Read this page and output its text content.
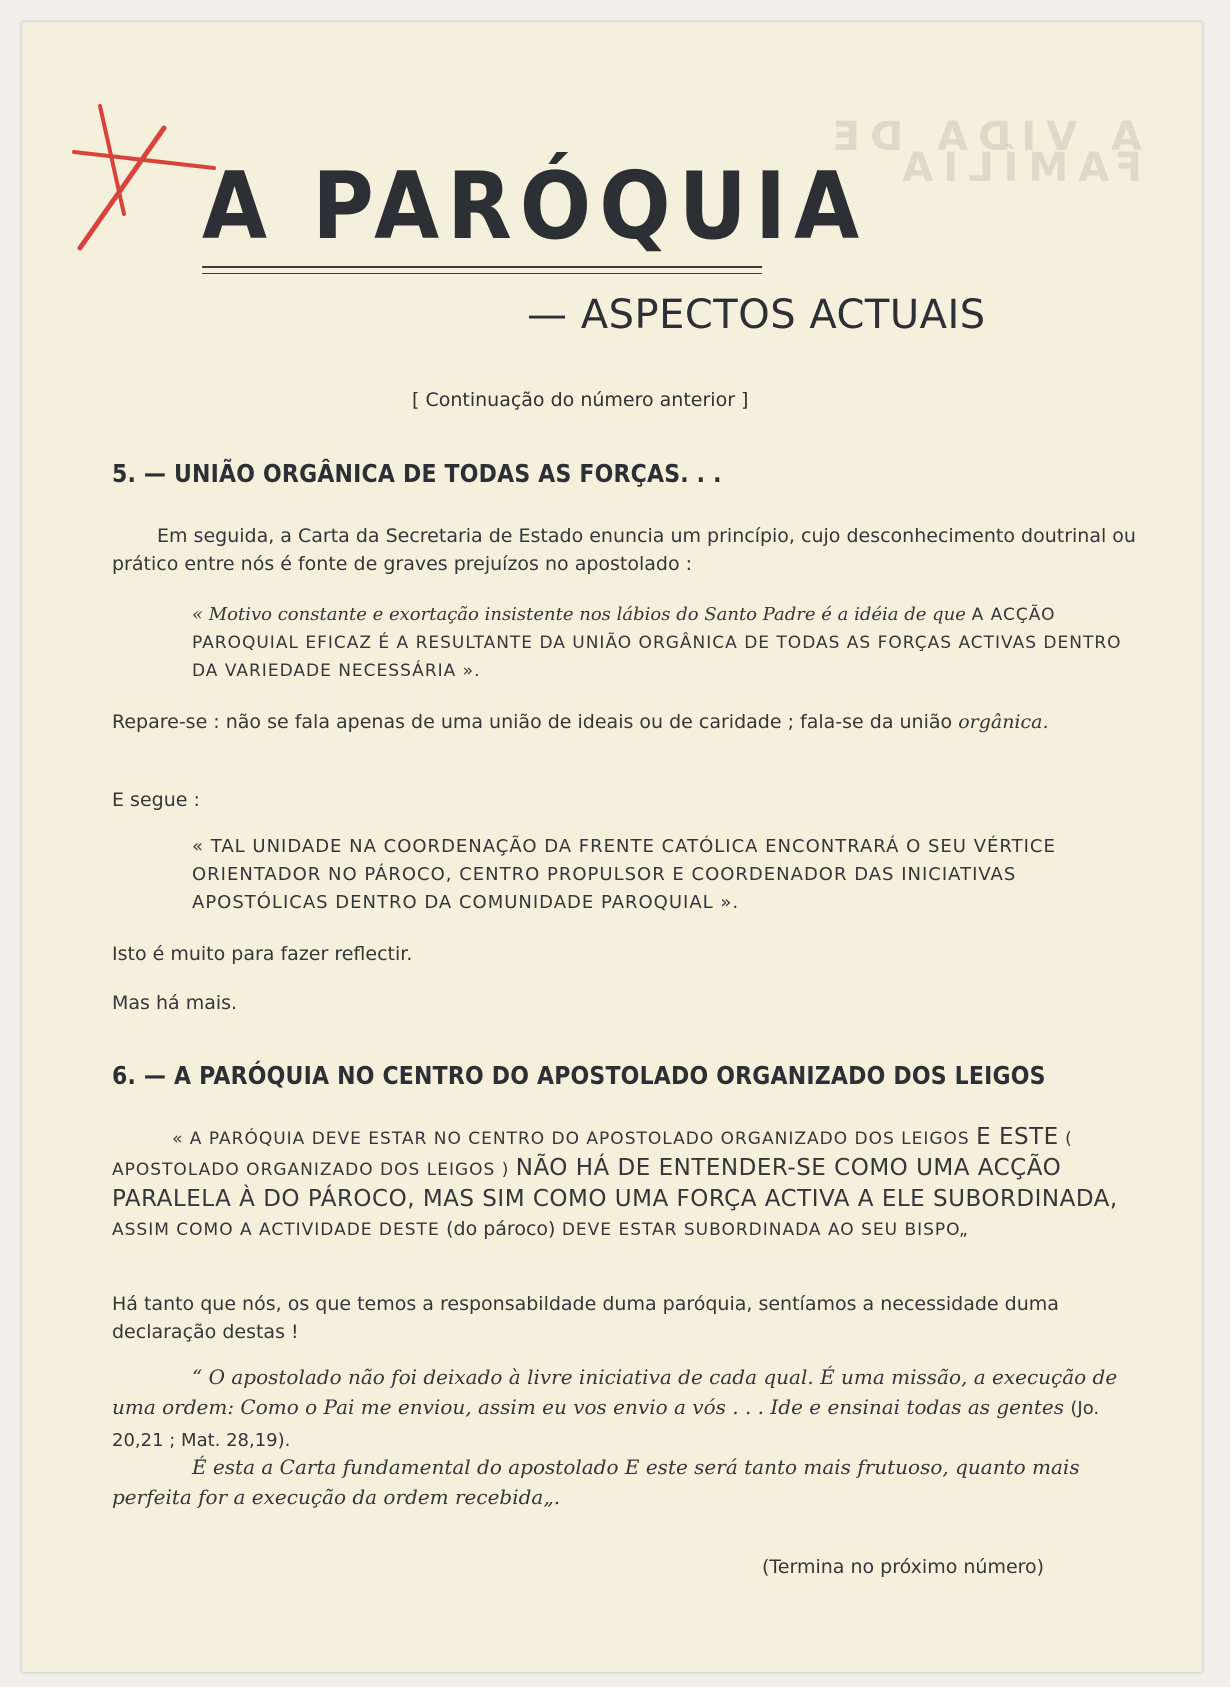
A VIDA DE FAMÍLIA
A PARÓQUIA
— ASPECTOS ACTUAIS
[ Continuação do número anterior ]
5. — UNIÃO ORGÂNICA DE TODAS AS FORÇAS. . .
Em seguida, a Carta da Secretaria de Estado enuncia um princípio, cujo desconhecimento doutrinal ou prático entre nós é fonte de graves prejuízos no apostolado :
« Motivo constante e exortação insistente nos lábios do Santo Padre é a idéia de que A ACÇÃO PAROQUIAL EFICAZ É A RESULTANTE DA UNIÃO ORGÂNICA DE TODAS AS FORÇAS ACTIVAS DENTRO DA VARIEDADE NECESSÁRIA ».
Repare-se : não se fala apenas de uma união de ideais ou de caridade ; fala-se da união orgânica.
E segue :
« TAL UNIDADE NA COORDENAÇÃO DA FRENTE CATÓLICA ENCONTRARÁ O SEU VÉRTICE ORIENTADOR NO PÁROCO, CENTRO PROPULSOR E COORDENADOR DAS INICIATIVAS APOSTÓLICAS DENTRO DA COMUNIDADE PAROQUIAL ».
Isto é muito para fazer reflectir.
Mas há mais.
6. — A PARÓQUIA NO CENTRO DO APOSTOLADO ORGANIZADO DOS LEIGOS
« A PARÓQUIA DEVE ESTAR NO CENTRO DO APOSTOLADO ORGANIZADO DOS LEIGOS E ESTE ( APOSTOLADO ORGANIZADO DOS LEIGOS ) NÃO HÁ DE ENTENDER-SE COMO UMA ACÇÃO PARALELA À DO PÁROCO, MAS SIM COMO UMA FORÇA ACTIVA A ELE SUBORDINADA, ASSIM COMO A ACTIVIDADE DESTE (do pároco) DEVE ESTAR SUBORDINADA AO SEU BISPO„
Há tanto que nós, os que temos a responsabildade duma paróquia, sentíamos a necessidade duma declaração destas !
“ O apostolado não foi deixado à livre iniciativa de cada qual. É uma missão, a execução de uma ordem: Como o Pai me enviou, assim eu vos envio a vós . . . Ide e ensinai todas as gentes (Jo. 20,21 ; Mat. 28,19).
É esta a Carta fundamental do apostolado E este será tanto mais frutuoso, quanto mais perfeita for a execução da ordem recebida„.
(Termina no próximo número)
